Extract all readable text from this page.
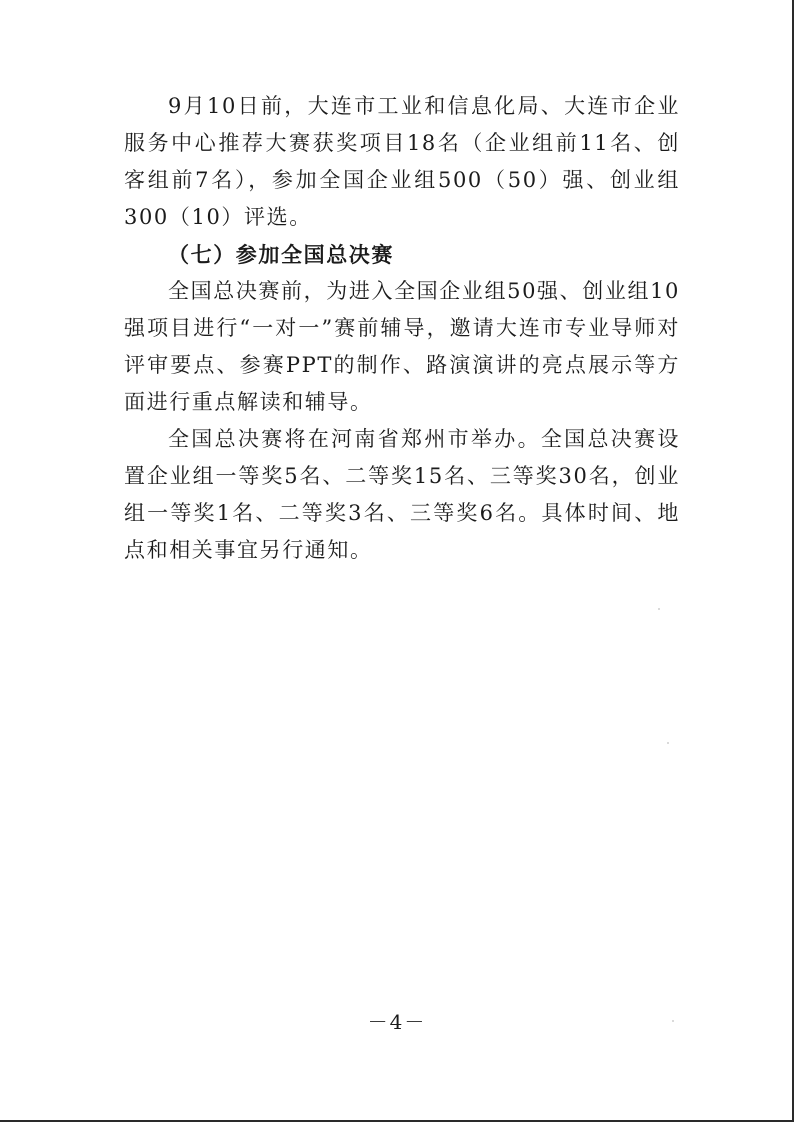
9月10日前，大连市工业和信息化局、大连市企业服务中心推荐大赛获奖项目18名（企业组前11名、创客组前7名），参加全国企业组500（50）强、创业组300（10）评选。

（七）参加全国总决赛

全国总决赛前，为进入全国企业组50强、创业组10强项目进行“一对一”赛前辅导，邀请大连市专业导师对评审要点、参赛PPT的制作、路演演讲的亮点展示等方面进行重点解读和辅导。

全国总决赛将在河南省郑州市举办。全国总决赛设置企业组一等奖5名、二等奖15名、三等奖30名，创业组一等奖1名、二等奖3名、三等奖6名。具体时间、地点和相关事宜另行通知。

－4－
